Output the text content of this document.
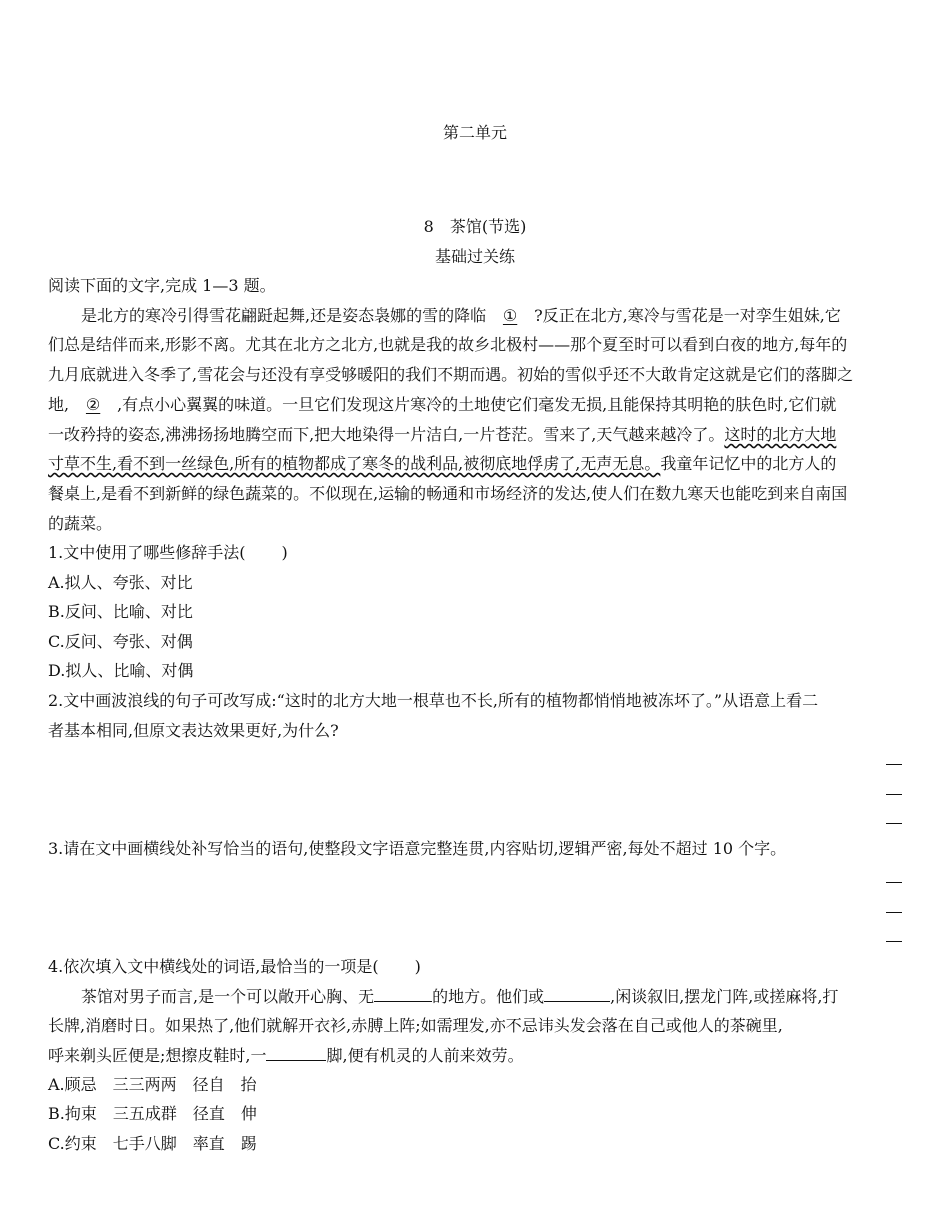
第二单元
8　茶馆(节选)
基础过关练
阅读下面的文字,完成 1—3 题。
是北方的寒冷引得雪花翩跹起舞,还是姿态袅娜的雪的降临 ① ?反正在北方,寒冷与雪花是一对孪生姐妹,它
们总是结伴而来,形影不离。尤其在北方之北方,也就是我的故乡北极村——那个夏至时可以看到白夜的地方,每年的
九月底就进入冬季了,雪花会与还没有享受够暖阳的我们不期而遇。初始的雪似乎还不大敢肯定这就是它们的落脚之
地, ② ,有点小心翼翼的味道。一旦它们发现这片寒冷的土地使它们毫发无损,且能保持其明艳的肤色时,它们就
一改矜持的姿态,沸沸扬扬地腾空而下,把大地染得一片洁白,一片苍茫。雪来了,天气越来越冷了。这时的北方大地
寸草不生,看不到一丝绿色,所有的植物都成了寒冬的战利品,被彻底地俘虏了,无声无息。我童年记忆中的北方人的
餐桌上,是看不到新鲜的绿色蔬菜的。不似现在,运输的畅通和市场经济的发达,使人们在数九寒天也能吃到来自南国
的蔬菜。
1.文中使用了哪些修辞手法( )
A.拟人、夸张、对比
B.反问、比喻、对比
C.反问、夸张、对偶
D.拟人、比喻、对偶
2.文中画波浪线的句子可改写成:“这时的北方大地一根草也不长,所有的植物都悄悄地被冻坏了。”从语意上看二
者基本相同,但原文表达效果更好,为什么?
3.请在文中画横线处补写恰当的语句,使整段文字语意完整连贯,内容贴切,逻辑严密,每处不超过 10 个字。
4.依次填入文中横线处的词语,最恰当的一项是( )
茶馆对男子而言,是一个可以敞开心胸、无	的地方。他们或	,闲谈叙旧,摆龙门阵,或搓麻将,打
长牌,消磨时日。如果热了,他们就解开衣衫,赤膊上阵;如需理发,亦不忌讳头发会落在自己或他人的茶碗里,
呼来剃头匠便是;想擦皮鞋时,一	脚,便有机灵的人前来效劳。
A.顾忌　三三两两　径自　抬
B.拘束　三五成群　径直　伸
C.约束　七手八脚　率直　踢
